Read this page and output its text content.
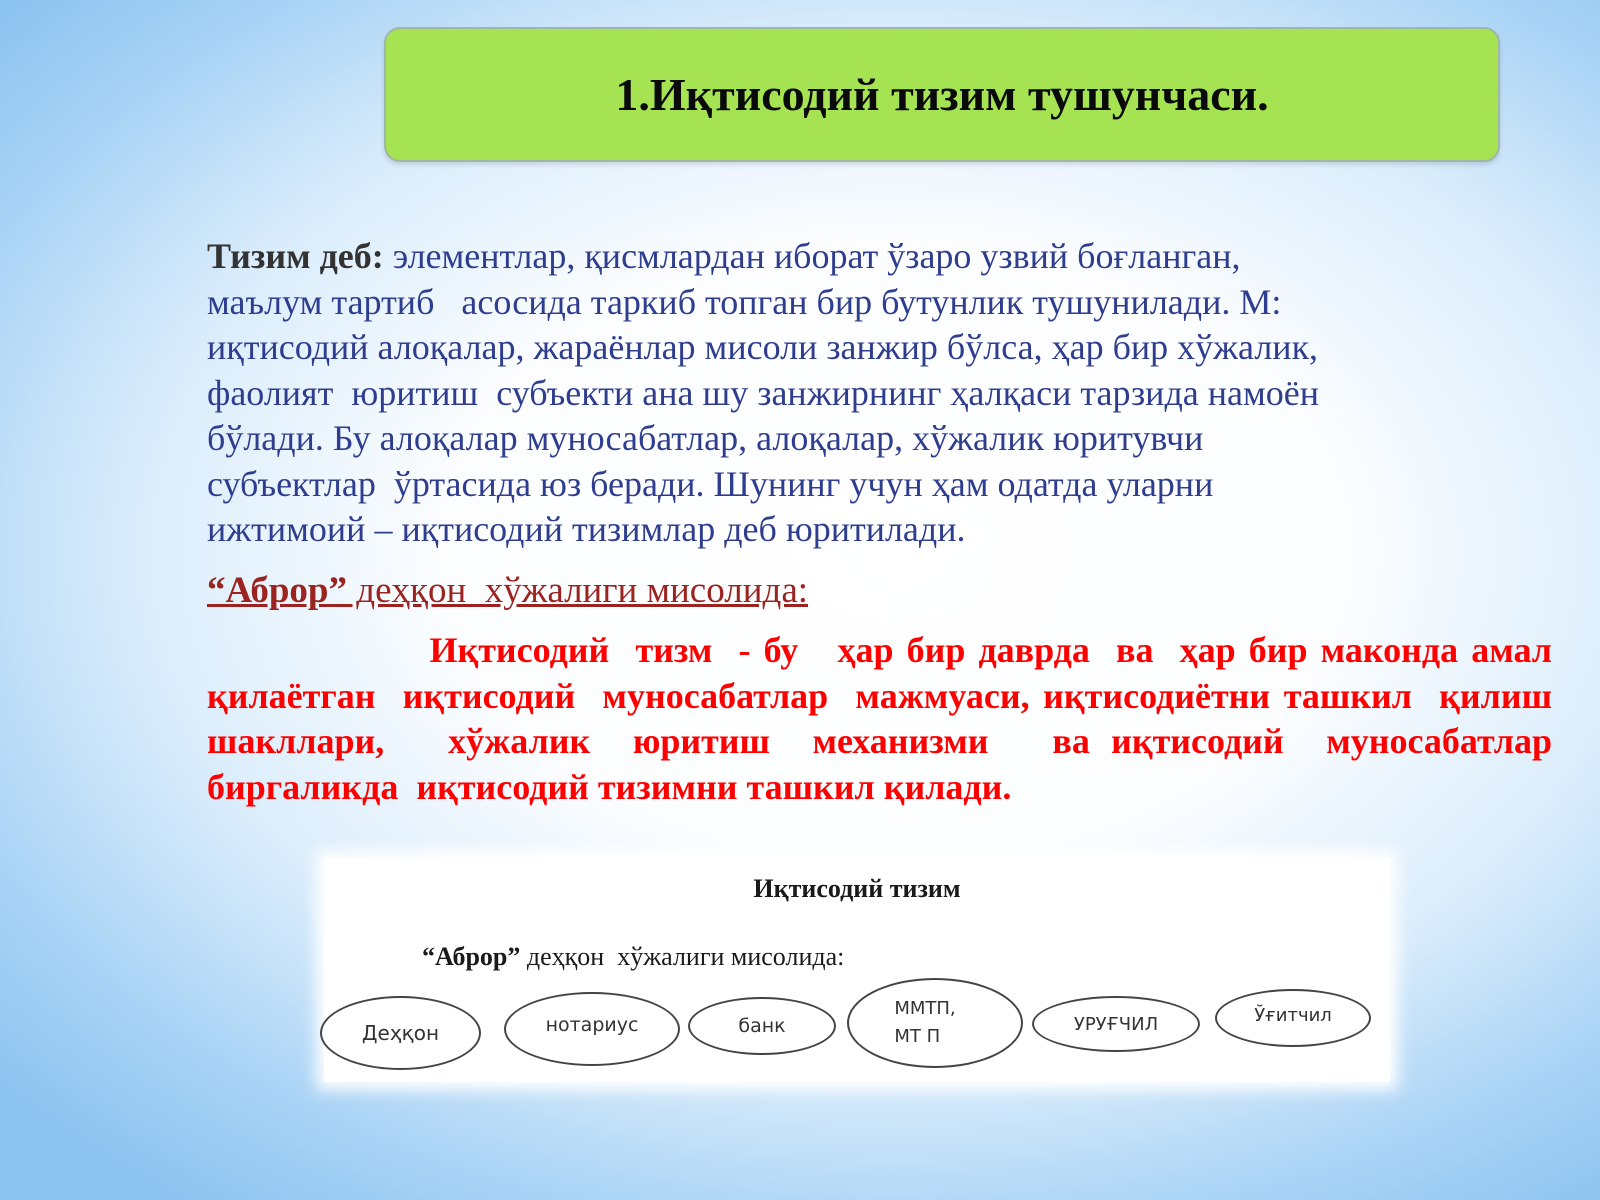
1.Иқтисодий тизим тушунчаси.
Тизим деб: элементлар, қисмлардан иборат ўзаро узвий боғланган,
маълум тартиб   асосида таркиб топган бир бутунлик тушунилади. М:
иқтисодий алоқалар, жараёнлар мисоли занжир бўлса, ҳар бир хўжалик,
фаолият  юритиш  субъекти ана шу занжирнинг ҳалқаси тарзида намоён
бўлади. Бу алоқалар муносабатлар, алоқалар, хўжалик юритувчи
субъектлар  ўртасида юз беради. Шунинг учун ҳам одатда уларни
ижтимоий – иқтисодий тизимлар деб юритилади.
“Аброр” деҳқон  хўжалиги мисолида:
Иқтисодий  тизм  - бу   ҳар бир даврда  ва  ҳар бир маконда амал қилаётган  иқтисодий  муносабатлар  мажмуаси, иқтисодиётни ташкил  қилиш  шакллари,   хўжалик  юритиш  механизми   ва иқтисодий  муносабатлар биргаликда  иқтисодий тизимни ташкил қилади.
Иқтисодий тизим
“Аброр” деҳқон  хўжалиги мисолида:
Деҳқон	нотариус	банк
ММТП,
МТ П
УРУҒЧИЛ	Ўғитчил
